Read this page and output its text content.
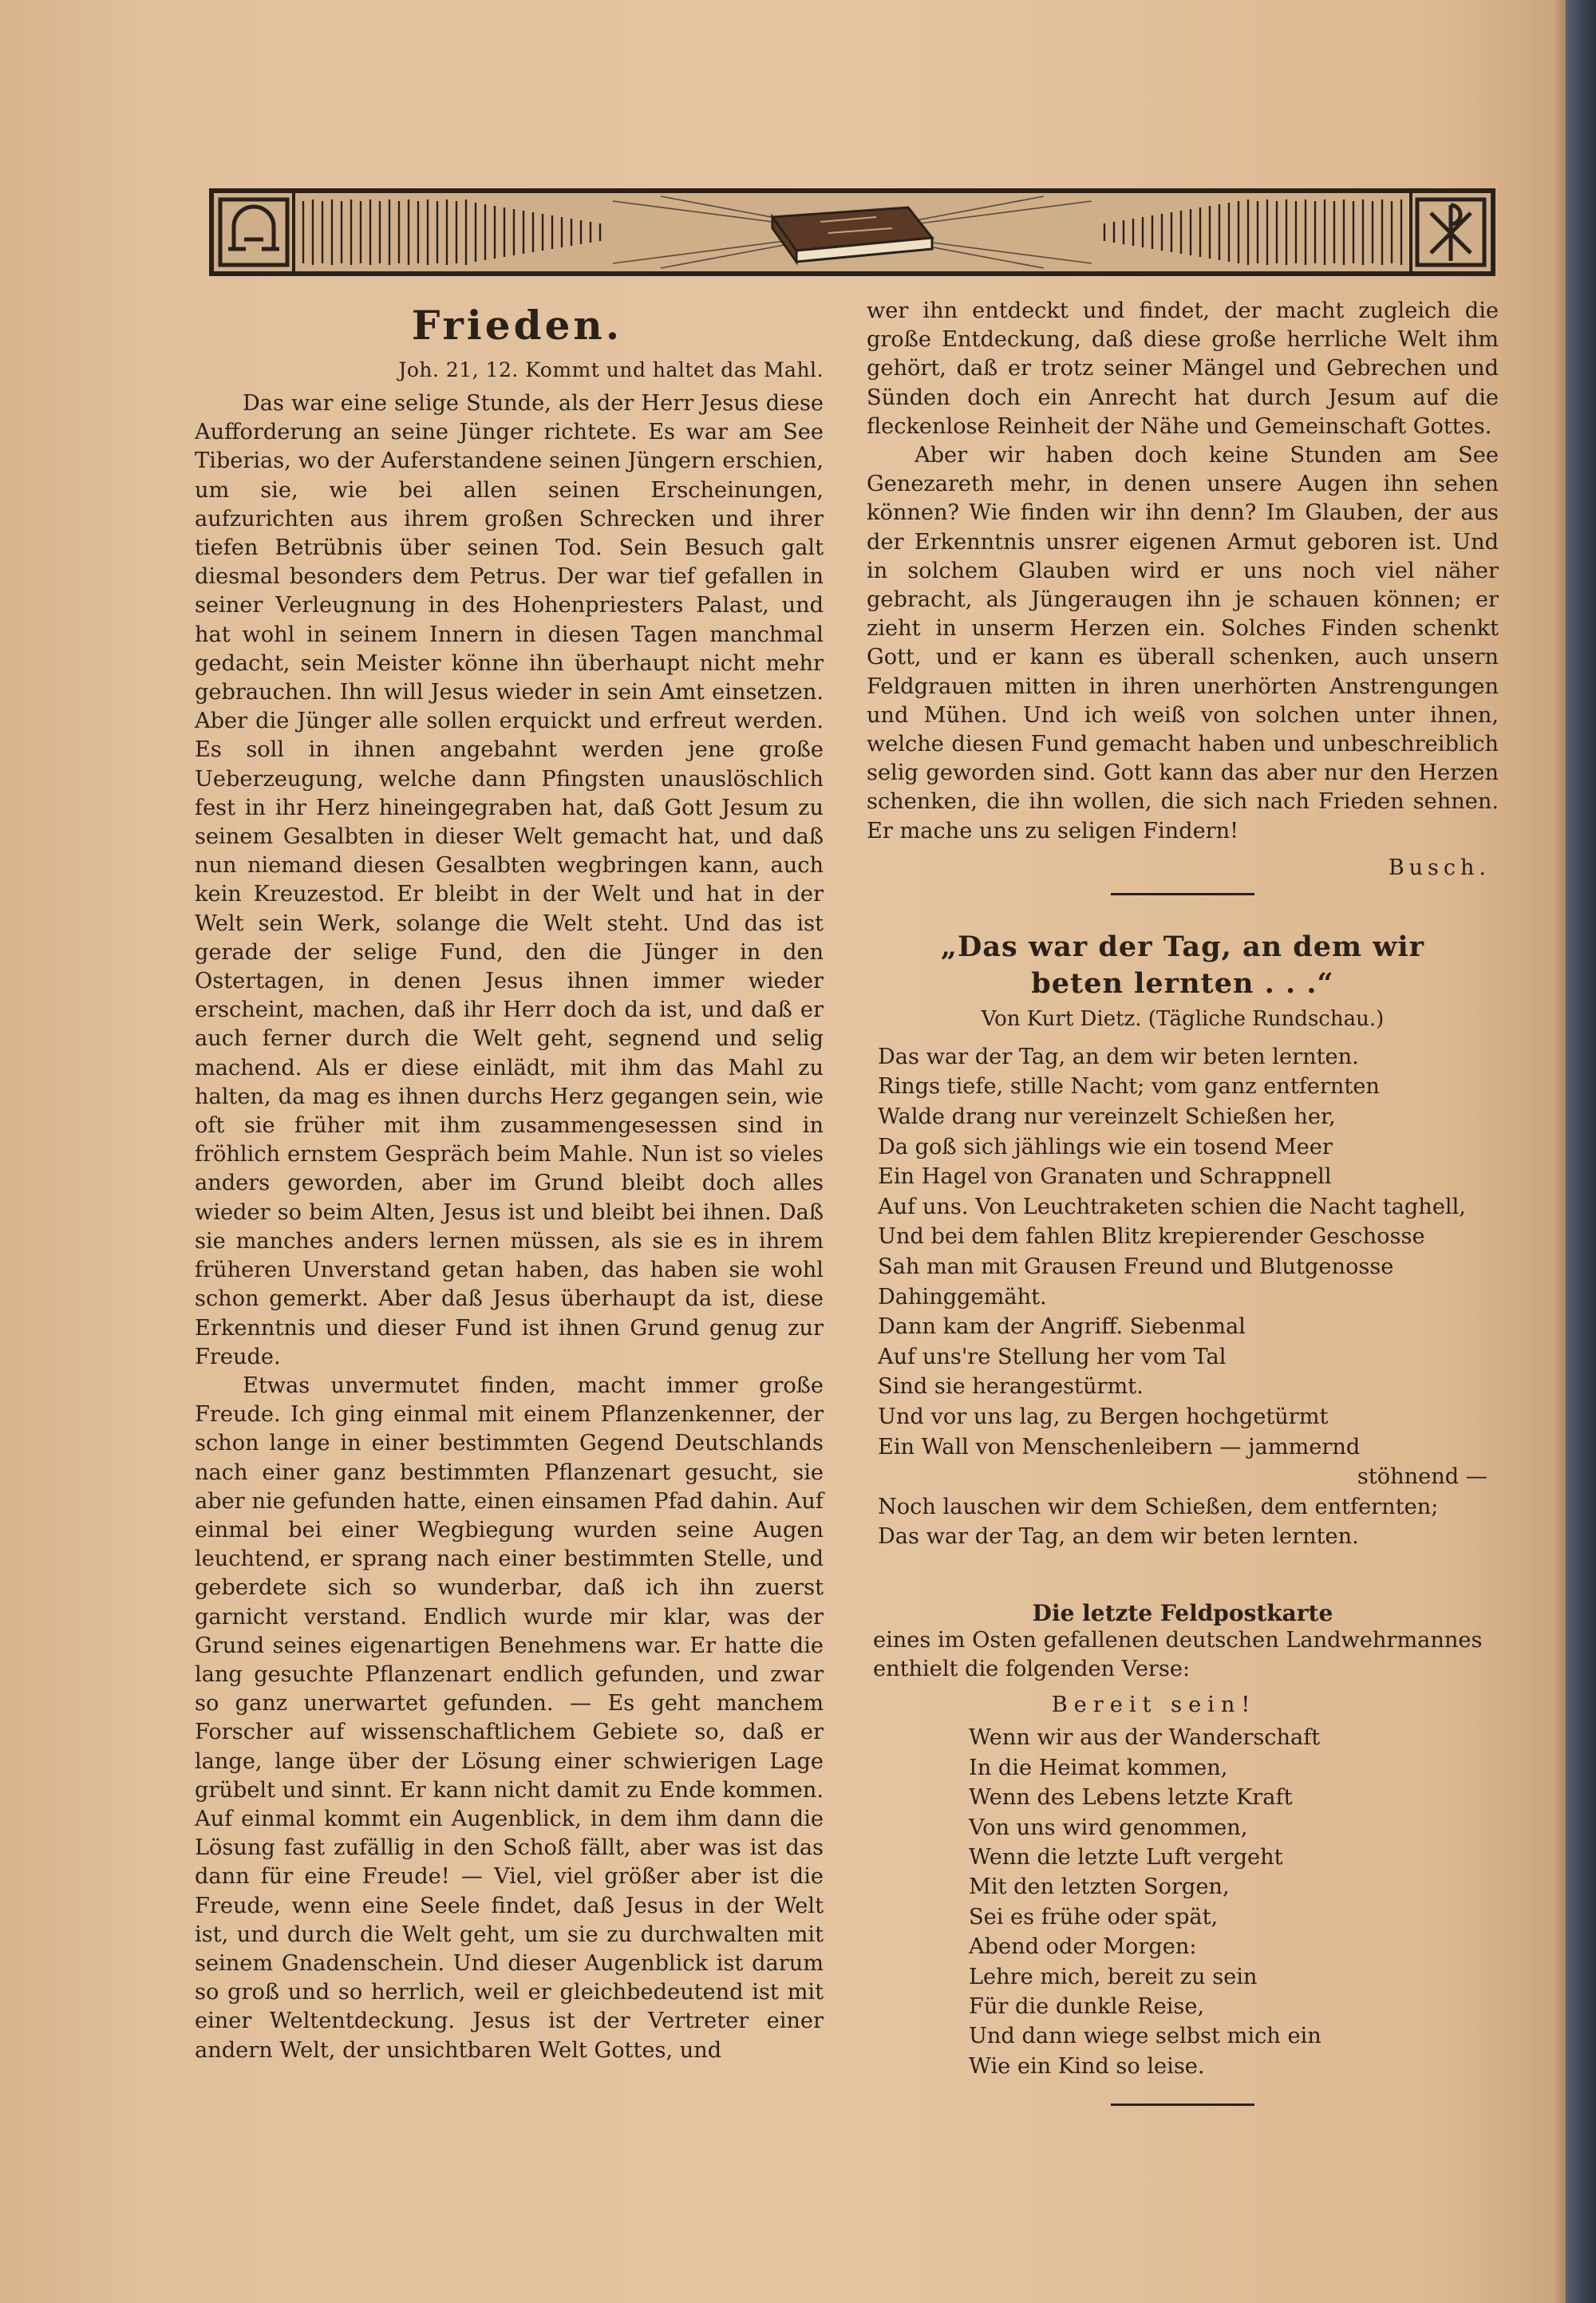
Frieden.
Joh. 21, 12. Kommt und haltet das Mahl.

Das war eine selige Stunde, als der Herr Jesus diese Aufforderung an seine Jünger richtete. Es war am See Tiberias, wo der Auferstandene seinen Jüngern erschien, um sie, wie bei allen seinen Erscheinungen, aufzurichten aus ihrem großen Schrecken und ihrer tiefen Betrübnis über seinen Tod. Sein Besuch galt diesmal besonders dem Petrus. Der war tief gefallen in seiner Verleugnung in des Hohenpriesters Palast, und hat wohl in seinem Innern in diesen Tagen manchmal gedacht, sein Meister könne ihn überhaupt nicht mehr gebrauchen. Ihn will Jesus wieder in sein Amt einsetzen. Aber die Jünger alle sollen erquickt und erfreut werden. Es soll in ihnen angebahnt werden jene große Ueberzeugung, welche dann Pfingsten unauslöschlich fest in ihr Herz hineingegraben hat, daß Gott Jesum zu seinem Gesalbten in dieser Welt gemacht hat, und daß nun niemand diesen Gesalbten wegbringen kann, auch kein Kreuzestod. Er bleibt in der Welt und hat in der Welt sein Werk, solange die Welt steht. Und das ist gerade der selige Fund, den die Jünger in den Ostertagen, in denen Jesus ihnen immer wieder erscheint, machen, daß ihr Herr doch da ist, und daß er auch ferner durch die Welt geht, segnend und selig machend. Als er diese einlädt, mit ihm das Mahl zu halten, da mag es ihnen durchs Herz gegangen sein, wie oft sie früher mit ihm zusammengesessen sind in fröhlich ernstem Gespräch beim Mahle. Nun ist so vieles anders geworden, aber im Grund bleibt doch alles wieder so beim Alten, Jesus ist und bleibt bei ihnen. Daß sie manches anders lernen müssen, als sie es in ihrem früheren Unverstand getan haben, das haben sie wohl schon gemerkt. Aber daß Jesus überhaupt da ist, diese Erkenntnis und dieser Fund ist ihnen Grund genug zur Freude.

Etwas unvermutet finden, macht immer große Freude. Ich ging einmal mit einem Pflanzenkenner, der schon lange in einer bestimmten Gegend Deutschlands nach einer ganz bestimmten Pflanzenart gesucht, sie aber nie gefunden hatte, einen einsamen Pfad dahin. Auf einmal bei einer Wegbiegung wurden seine Augen leuchtend, er sprang nach einer bestimmten Stelle, und geberdete sich so wunderbar, daß ich ihn zuerst garnicht verstand. Endlich wurde mir klar, was der Grund seines eigenartigen Benehmens war. Er hatte die lang gesuchte Pflanzenart endlich gefunden, und zwar so ganz unerwartet gefunden. — Es geht manchem Forscher auf wissenschaftlichem Gebiete so, daß er lange, lange über der Lösung einer schwierigen Lage grübelt und sinnt. Er kann nicht damit zu Ende kommen. Auf einmal kommt ein Augenblick, in dem ihm dann die Lösung fast zufällig in den Schoß fällt, aber was ist das dann für eine Freude! — Viel, viel größer aber ist die Freude, wenn eine Seele findet, daß Jesus in der Welt ist, und durch die Welt geht, um sie zu durchwalten mit seinem Gnadenschein. Und dieser Augenblick ist darum so groß und so herrlich, weil er gleichbedeutend ist mit einer Weltentdeckung. Jesus ist der Vertreter einer andern Welt, der unsichtbaren Welt Gottes, und

wer ihn entdeckt und findet, der macht zugleich die große Entdeckung, daß diese große herrliche Welt ihm gehört, daß er trotz seiner Mängel und Gebrechen und Sünden doch ein Anrecht hat durch Jesum auf die fleckenlose Reinheit der Nähe und Gemeinschaft Gottes.

Aber wir haben doch keine Stunden am See Genezareth mehr, in denen unsere Augen ihn sehen können? Wie finden wir ihn denn? Im Glauben, der aus der Erkenntnis unsrer eigenen Armut geboren ist. Und in solchem Glauben wird er uns noch viel näher gebracht, als Jüngeraugen ihn je schauen können; er zieht in unserm Herzen ein. Solches Finden schenkt Gott, und er kann es überall schenken, auch unsern Feldgrauen mitten in ihren unerhörten Anstrengungen und Mühen. Und ich weiß von solchen unter ihnen, welche diesen Fund gemacht haben und unbeschreiblich selig geworden sind. Gott kann das aber nur den Herzen schenken, die ihn wollen, die sich nach Frieden sehnen. Er mache uns zu seligen Findern!

Busch.
„Das war der Tag, an dem wir
beten lernten . . .“
Von Kurt Dietz. (Tägliche Rundschau.)
Das war der Tag, an dem wir beten lernten.
Rings tiefe, stille Nacht; vom ganz entfernten
Walde drang nur vereinzelt Schießen her,
Da goß sich jählings wie ein tosend Meer
Ein Hagel von Granaten und Schrappnell
Auf uns. Von Leuchtraketen schien die Nacht taghell,
Und bei dem fahlen Blitz krepierender Geschosse
Sah man mit Grausen Freund und Blutgenosse
Dahinggemäht.
Dann kam der Angriff. Siebenmal
Auf uns're Stellung her vom Tal
Sind sie herangestürmt.
Und vor uns lag, zu Bergen hochgetürmt
Ein Wall von Menschenleibern — jammernd
stöhnend —
Noch lauschen wir dem Schießen, dem entfernten;
Das war der Tag, an dem wir beten lernten.
Die letzte Feldpostkarte
eines im Osten gefallenen deutschen Landwehrmannes enthielt die folgenden Verse:
Bereit sein!
Wenn wir aus der Wanderschaft
In die Heimat kommen,
Wenn des Lebens letzte Kraft
Von uns wird genommen,
Wenn die letzte Luft vergeht
Mit den letzten Sorgen,
Sei es frühe oder spät,
Abend oder Morgen:
Lehre mich, bereit zu sein
Für die dunkle Reise,
Und dann wiege selbst mich ein
Wie ein Kind so leise.
